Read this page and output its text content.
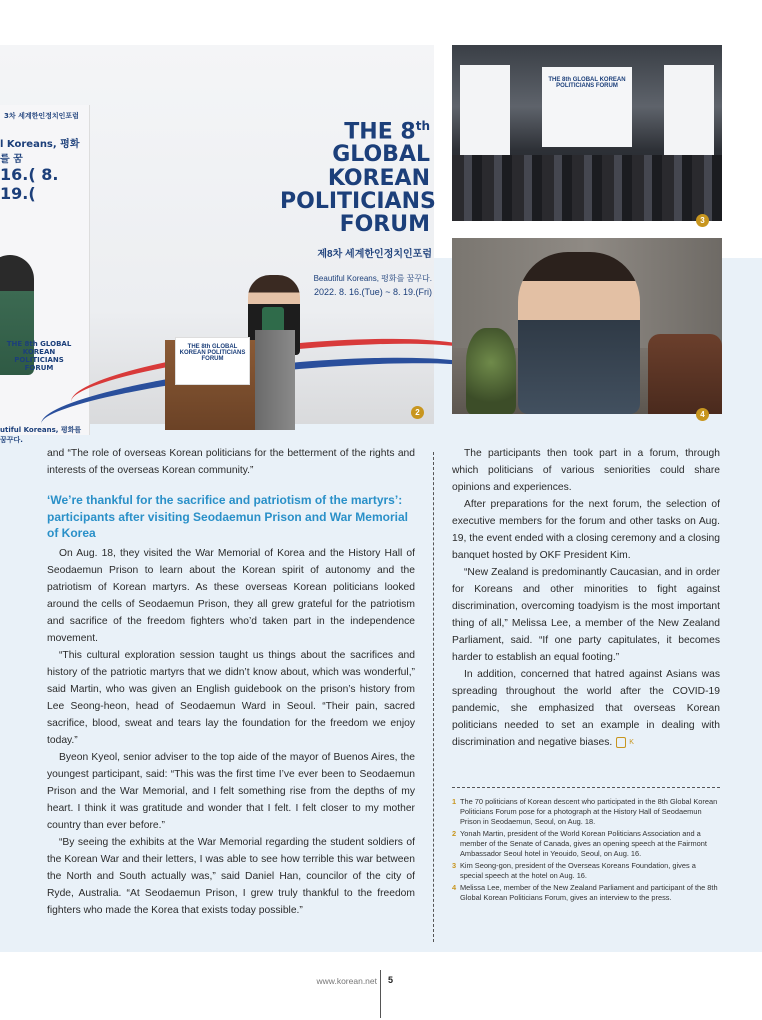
3차 세계한인정치인포럼
l Koreans, 평화를 꿈
16.( 8. 19.(
THE 8th GLOBAL KOREAN POLITICIANS FORUM
utiful Koreans, 평화를 꿈꾸다.
THE 8th
GLOBAL KOREAN
POLITICIANS
FORUM
제8차 세계한인정치인포럼
Beautiful Koreans, 평화를 꿈꾸다.
2022. 8. 16.(Tue) ~ 8. 19.(Fri)
THE 8th GLOBAL KOREAN POLITICIANS FORUM
2
THE 8th GLOBAL KOREAN POLITICIANS FORUM
3
4

and “The role of overseas Korean politicians for the betterment of the rights and interests of the overseas Korean community.”

‘We’re thankful for the sacrifice and patriotism of the martyrs’: participants after visiting Seodaemun Prison and War Memorial of Korea

On Aug. 18, they visited the War Memorial of Korea and the History Hall of Seodaemun Prison to learn about the Korean spirit of autonomy and the patriotism of Korean martyrs. As these overseas Korean politicians looked around the cells of Seodaemun Prison, they all grew grateful for the patriotism and sacrifice of the freedom fighters who’d taken part in the independence movement.

“This cultural exploration session taught us things about the sacrifices and history of the patriotic martyrs that we didn’t know about, which was wonderful,” said Martin, who was given an English guidebook on the prison’s history from Lee Seong-heon, head of Seodaemun Ward in Seoul. “Their pain, sacred sacrifice, blood, sweat and tears lay the foundation for the freedom we enjoy today.”

Byeon Kyeol, senior adviser to the top aide of the mayor of Buenos Aires, the youngest participant, said: “This was the first time I’ve ever been to Seodaemun Prison and the War Memorial, and I felt something rise from the depths of my heart. I think it was gratitude and wonder that I felt. I felt closer to my mother country than ever before.”

“By seeing the exhibits at the War Memorial regarding the student soldiers of the Korean War and their letters, I was able to see how terrible this war between the North and South actually was,” said Daniel Han, councilor of the city of Ryde, Australia. “At Seodaemun Prison, I grew truly thankful to the freedom fighters who made the Korea that exists today possible.”

The participants then took part in a forum, through which politicians of various seniorities could share opinions and experiences.

After preparations for the next forum, the selection of executive members for the forum and other tasks on Aug. 19, the event ended with a closing ceremony and a closing banquet hosted by OKF President Kim.

“New Zealand is predominantly Caucasian, and in order for Koreans and other minorities to fight against discrimination, overcoming toadyism is the most important thing of all,” Melissa Lee, a member of the New Zealand Parliament, said. “If one party capitulates, it becomes harder to establish an equal footing.”

In addition, concerned that hatred against Asians was spreading throughout the world after the COVID-19 pandemic, she emphasized that overseas Korean politicians needed to set an example in dealing with discrimination and negative biases. K

1 The 70 politicians of Korean descent who participated in the 8th Global Korean Politicians Forum pose for a photograph at the History Hall of Seodaemun Prison in Seodaemun, Seoul, on Aug. 18.
2 Yonah Martin, president of the World Korean Politicians Association and a member of the Senate of Canada, gives an opening speech at the Fairmont Ambassador Seoul hotel in Yeouido, Seoul, on Aug. 16.
3 Kim Seong-gon, president of the Overseas Koreans Foundation, gives a special speech at the hotel on Aug. 16.
4 Melissa Lee, member of the New Zealand Parliament and participant of the 8th Global Korean Politicians Forum, gives an interview to the press.
www.korean.net 5
